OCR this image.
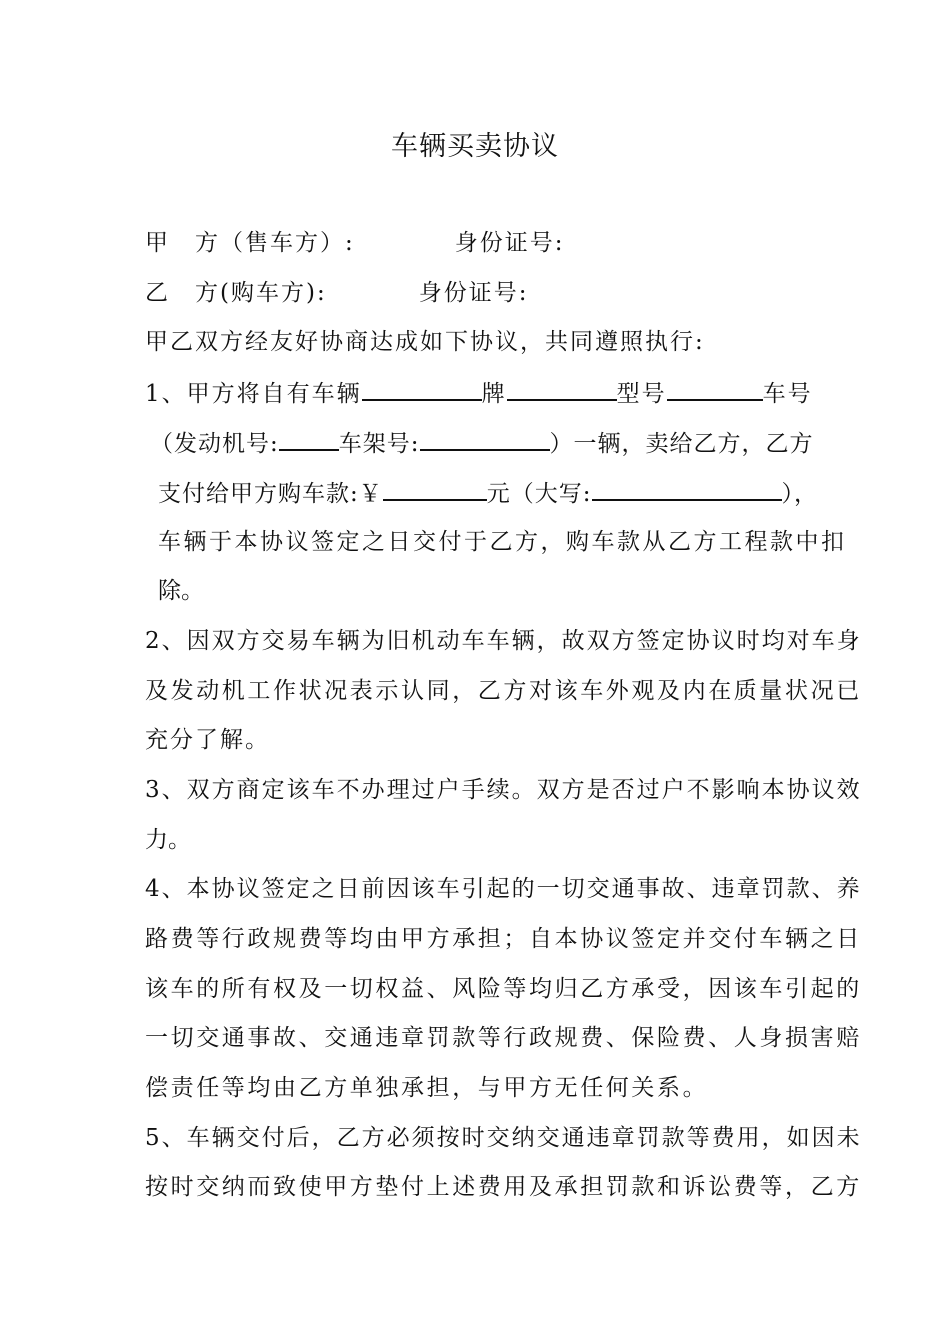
车辆买卖协议
甲　方（售车方）:	身份证号:
乙　方(购车方):	身份证号:
甲乙双方经友好协商达成如下协议，共同遵照执行:
1、甲方将自有车辆	牌	型号	车号
（发动机号:	车架号:	）一辆，卖给乙方，乙方
支付给甲方购车款:￥	元（大写:	），
车辆于本协议签定之日交付于乙方，购车款从乙方工程款中扣
除。
2、因双方交易车辆为旧机动车车辆，故双方签定协议时均对车身
及发动机工作状况表示认同，乙方对该车外观及内在质量状况已
充分了解。
3、双方商定该车不办理过户手续。双方是否过户不影响本协议效
力。
4、本协议签定之日前因该车引起的一切交通事故、违章罚款、养
路费等行政规费等均由甲方承担；自本协议签定并交付车辆之日
该车的所有权及一切权益、风险等均归乙方承受，因该车引起的
一切交通事故、交通违章罚款等行政规费、保险费、人身损害赔
偿责任等均由乙方单独承担，与甲方无任何关系。
5、车辆交付后，乙方必须按时交纳交通违章罚款等费用，如因未
按时交纳而致使甲方垫付上述费用及承担罚款和诉讼费等，乙方
